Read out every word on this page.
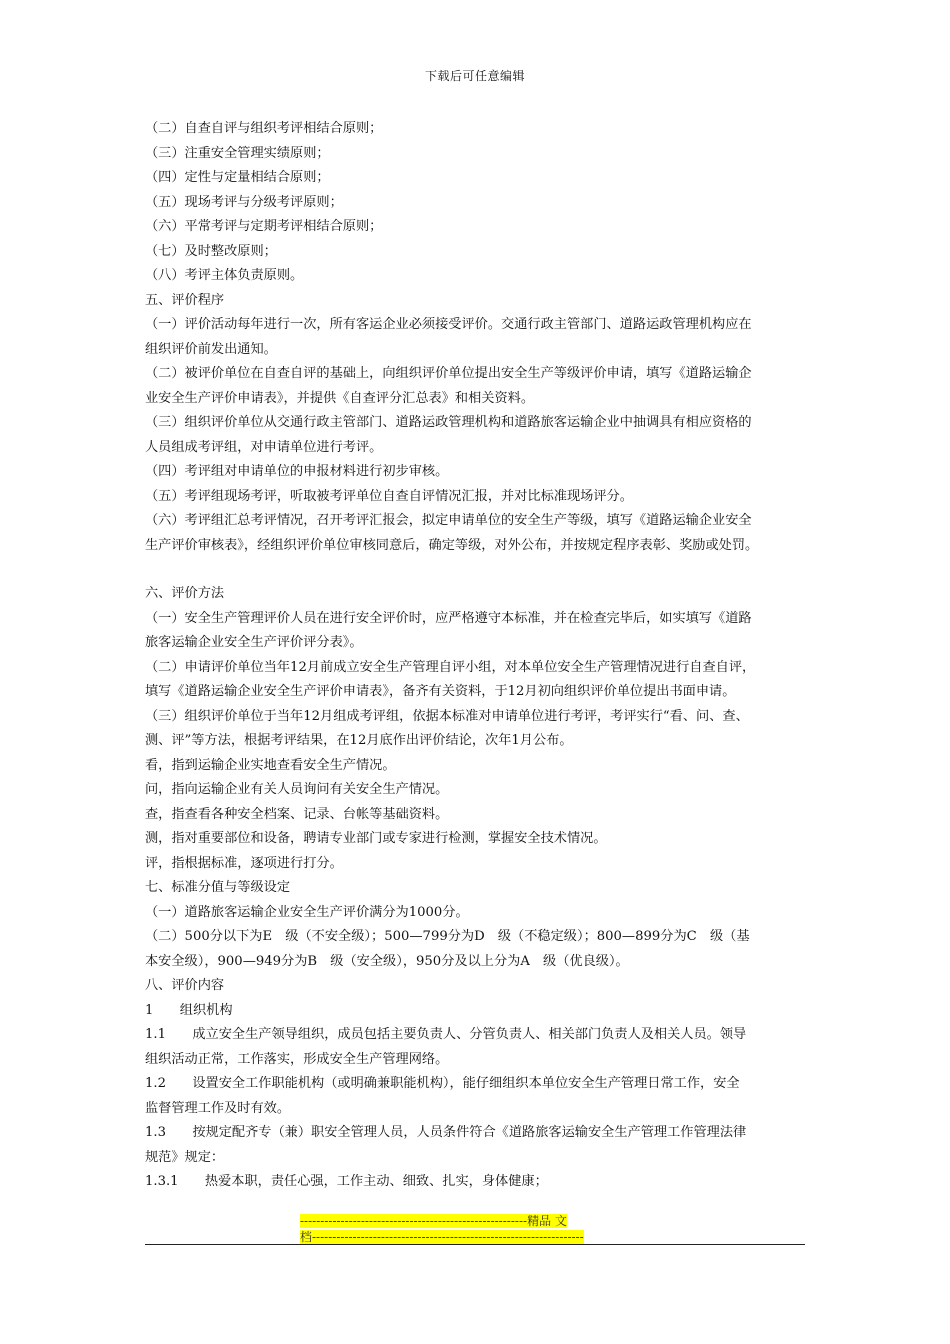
下载后可任意编辑

（二）自查自评与组织考评相结合原则；

（三）注重安全管理实绩原则；

（四）定性与定量相结合原则；

（五）现场考评与分级考评原则；

（六）平常考评与定期考评相结合原则；

（七）及时整改原则；

（八）考评主体负责原则。

五、评价程序

（一）评价活动每年进行一次，所有客运企业必须接受评价。交通行政主管部门、道路运政管理机构应在

组织评价前发出通知。

（二）被评价单位在自查自评的基础上，向组织评价单位提出安全生产等级评价申请，填写《道路运输企

业安全生产评价申请表》，并提供《自查评分汇总表》和相关资料。

（三）组织评价单位从交通行政主管部门、道路运政管理机构和道路旅客运输企业中抽调具有相应资格的

人员组成考评组，对申请单位进行考评。

（四）考评组对申请单位的申报材料进行初步审核。

（五）考评组现场考评，听取被考评单位自查自评情况汇报，并对比标准现场评分。

（六）考评组汇总考评情况，召开考评汇报会，拟定申请单位的安全生产等级，填写《道路运输企业安全

生产评价审核表》，经组织评价单位审核同意后，确定等级，对外公布，并按规定程序表彰、奖励或处罚。

六、评价方法

（一）安全生产管理评价人员在进行安全评价时，应严格遵守本标准，并在检查完毕后，如实填写《道路

旅客运输企业安全生产评价评分表》。

（二）申请评价单位当年12月前成立安全生产管理自评小组，对本单位安全生产管理情况进行自查自评，

填写《道路运输企业安全生产评价申请表》，备齐有关资料，于12月初向组织评价单位提出书面申请。

（三）组织评价单位于当年12月组成考评组，依据本标准对申请单位进行考评，考评实行“看、问、查、

测、评”等方法，根据考评结果，在12月底作出评价结论，次年1月公布。

看，指到运输企业实地查看安全生产情况。

问，指向运输企业有关人员询问有关安全生产情况。

查，指查看各种安全档案、记录、台帐等基础资料。

测，指对重要部位和设备，聘请专业部门或专家进行检测，掌握安全技术情况。

评，指根据标准，逐项进行打分。

七、标准分值与等级设定

（一）道路旅客运输企业安全生产评价满分为1000分。

（二）500分以下为E　级（不安全级）；500—799分为D　级（不稳定级）；800—899分为C　级（基

本安全级），900—949分为B　级（安全级），950分及以上分为A　级（优良级）。

八、评价内容

1　　组织机构

1.1　　成立安全生产领导组织，成员包括主要负责人、分管负责人、相关部门负责人及相关人员。领导

组织活动正常，工作落实，形成安全生产管理网络。

1.2　　设置安全工作职能机构（或明确兼职能机构），能仔细组织本单位安全生产管理日常工作，安全

监督管理工作及时有效。

1.3　　按规定配齐专（兼）职安全管理人员，人员条件符合《道路旅客运输安全生产管理工作管理法律

规范》规定：

1.3.1　　热爱本职，责任心强，工作主动、细致、扎实，身体健康；

--------------------------------------------------------精品 文
档-------------------------------------------------------------------
